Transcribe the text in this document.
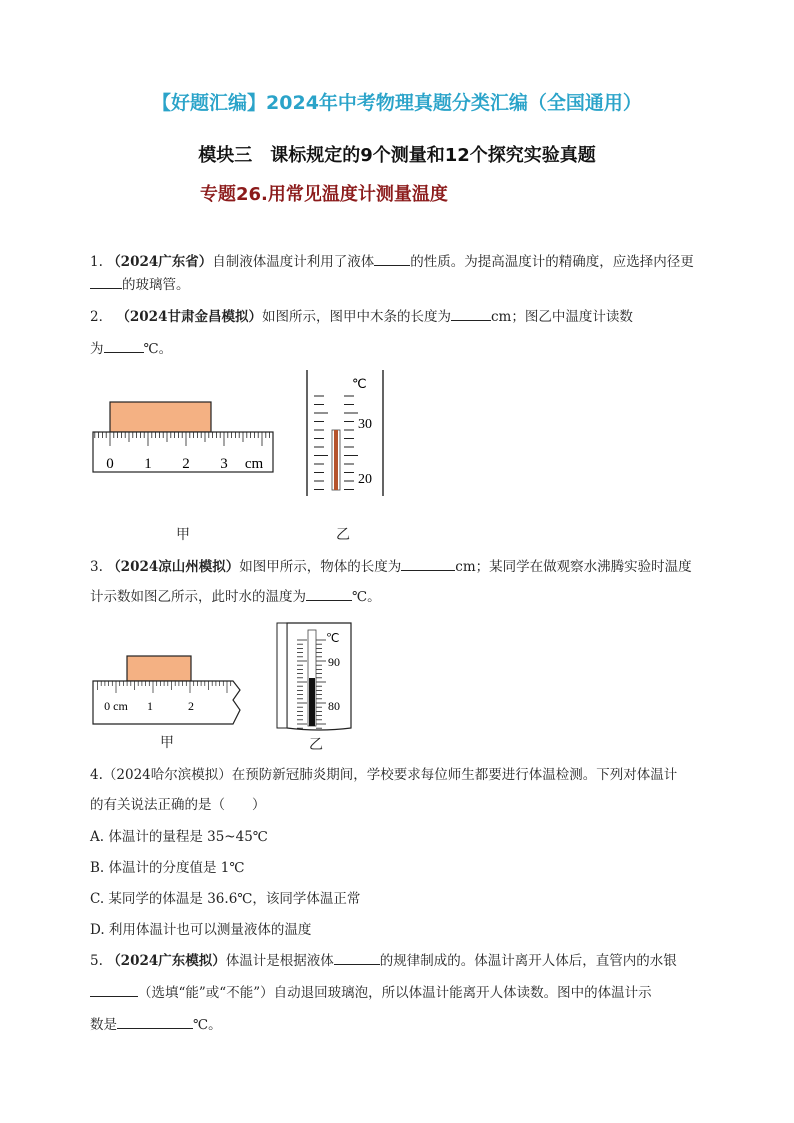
【好题汇编】2024年中考物理真题分类汇编（全国通用）
模块三　课标规定的9个测量和12个探究实验真题
专题26.用常见温度计测量温度
1. （2024广东省）自制液体温度计利用了液体	的性质。为提高温度计的精确度，应选择内径更
的玻璃管。
2． （2024甘肃金昌模拟）如图所示，图甲中木条的长度为	cm；图乙中温度计读数
为	℃。
0 1 2 3 cm
甲
℃
30
20
乙
3. （2024凉山州模拟）如图甲所示，物体的长度为	cm；某同学在做观察水沸腾实验时温度
计示数如图乙所示，此时水的温度为	℃。
0 cm 1	2
甲
℃
90
80
乙
4.（2024哈尔滨模拟）在预防新冠肺炎期间，学校要求每位师生都要进行体温检测。下列对体温计
的有关说法正确的是（　　）
A. 体温计的量程是 35~45℃
B. 体温计的分度值是 1℃
C. 某同学的体温是 36.6℃，该同学体温正常
D. 利用体温计也可以测量液体的温度
5. （2024广东模拟）体温计是根据液体	的规律制成的。体温计离开人体后，直管内的水银
（选填“能”或“不能”）自动退回玻璃泡，所以体温计能离开人体读数。图中的体温计示
数是	℃。
